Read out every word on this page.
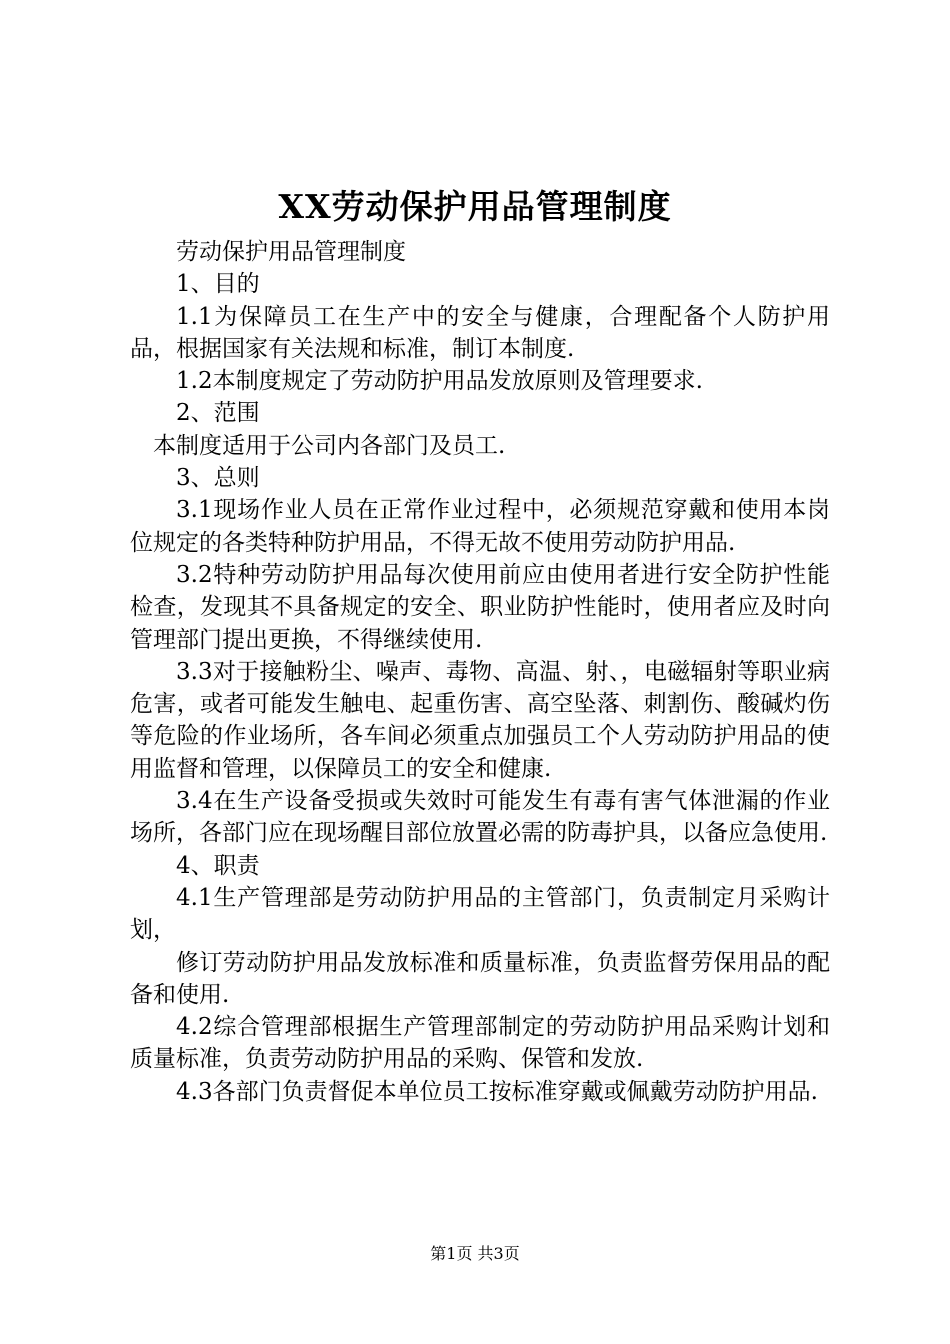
XX劳动保护用品管理制度

劳动保护用品管理制度

1、目的

1.1为保障员工在生产中的安全与健康，合理配备个人防护用品，根据国家有关法规和标准，制订本制度.

1.2本制度规定了劳动防护用品发放原则及管理要求.

2、范围

本制度适用于公司内各部门及员工.

3、总则

3.1现场作业人员在正常作业过程中，必须规范穿戴和使用本岗位规定的各类特种防护用品，不得无故不使用劳动防护用品.

3.2特种劳动防护用品每次使用前应由使用者进行安全防护性能检查，发现其不具备规定的安全、职业防护性能时，使用者应及时向管理部门提出更换，不得继续使用.

3.3对于接触粉尘、噪声、毒物、高温、射、，电磁辐射等职业病危害，或者可能发生触电、起重伤害、高空坠落、刺割伤、酸碱灼伤等危险的作业场所，各车间必须重点加强员工个人劳动防护用品的使用监督和管理，以保障员工的安全和健康.

3.4在生产设备受损或失效时可能发生有毒有害气体泄漏的作业场所，各部门应在现场醒目部位放置必需的防毒护具，以备应急使用.

4、职责

4.1生产管理部是劳动防护用品的主管部门，负责制定月采购计划，

修订劳动防护用品发放标准和质量标准，负责监督劳保用品的配备和使用.

4.2综合管理部根据生产管理部制定的劳动防护用品采购计划和质量标准，负责劳动防护用品的采购、保管和发放.

4.3各部门负责督促本单位员工按标准穿戴或佩戴劳动防护用品.

第1页 共3页
